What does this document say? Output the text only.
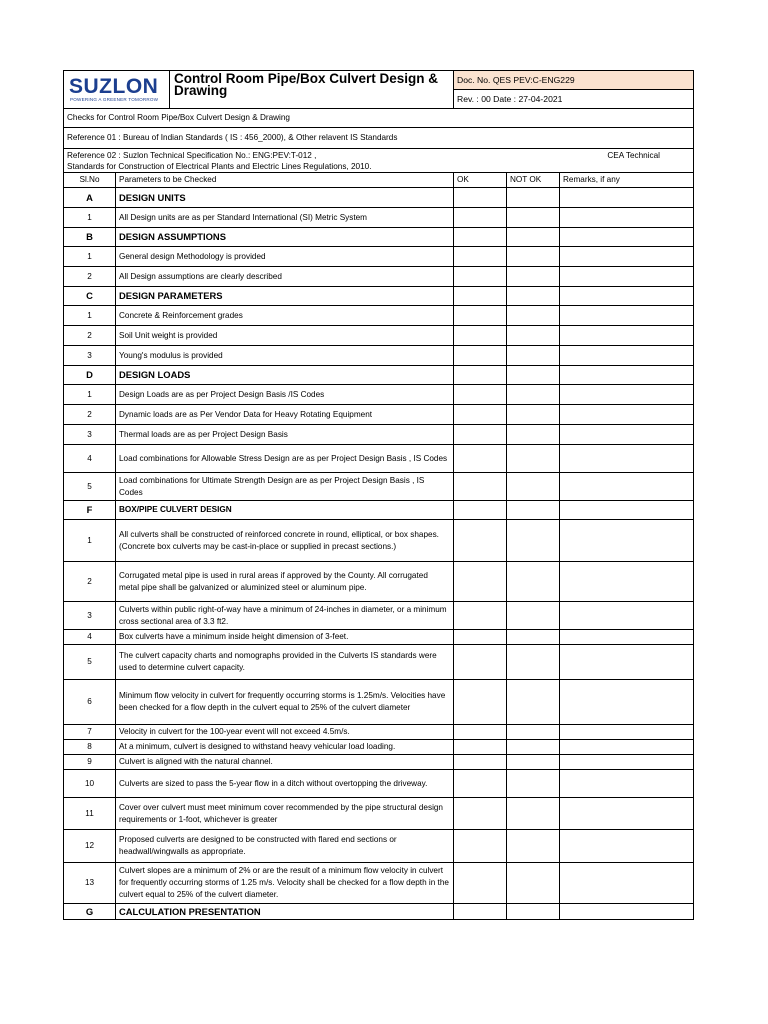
SUZLON
POWERING A GREENER TOMORROW
Control Room Pipe/Box Culvert Design & Drawing		Doc. No. QES PEV:C-ENG229		
		Rev. : 00 Date : 27-04-2021		
Checks for Control Room Pipe/Box Culvert Design & Drawing				
Reference 01 : Bureau of Indian Standards ( IS : 456_2000), & Other relavent IS Standards				

Reference 02 : Suzlon Technical Specification No.: ENG:PEV:T-012 , CEA Technical
Standards for Construction of Electrical Plants and Electric Lines Regulations, 2010.				

Sl.No	Parameters to be Checked	OK	NOT OK	Remarks, if any
A	DESIGN UNITS			
1	All Design units are as per Standard International (SI) Metric System			
B	DESIGN ASSUMPTIONS			
1	General design Methodology is provided			
2	All Design assumptions are clearly described			
C	DESIGN PARAMETERS			
1	Concrete & Reinforcement grades			
2	Soil Unit weight is provided			
3	Young's modulus is provided			
D	DESIGN LOADS			
1	Design Loads are as per Project Design Basis /IS Codes			
2	Dynamic loads are as Per Vendor Data for Heavy Rotating Equipment			
3	Thermal loads are as per Project Design Basis			
4	Load combinations for Allowable Stress Design are as per Project Design Basis , IS Codes			
5	Load combinations for Ultimate Strength Design are as per Project Design Basis , IS Codes			
F	BOX/PIPE CULVERT DESIGN			
1	All culverts shall be constructed of reinforced concrete in round, elliptical, or box shapes. (Concrete box culverts may be cast-in-place or supplied in precast sections.)			
2	Corrugated metal pipe is used in rural areas if approved by the County. All corrugated metal pipe shall be galvanized or aluminized steel or aluminum pipe.			
3	Culverts within public right-of-way have a minimum of 24-inches in diameter, or a minimum cross sectional area of 3.3 ft2.			
4	Box culverts have a minimum inside height dimension of 3-feet.			
5	The culvert capacity charts and nomographs provided in the Culverts IS standards were used to determine culvert capacity.			
6	Minimum flow velocity in culvert for frequently occurring storms is 1.25m/s. Velocities have been checked for a flow depth in the culvert equal to 25% of the culvert diameter			
7	Velocity in culvert for the 100-year event will not exceed 4.5m/s.			
8	At a minimum, culvert is designed to withstand heavy vehicular load loading.			
9	Culvert is aligned with the natural channel.			
10	Culverts are sized to pass the 5-year flow in a ditch without overtopping the driveway.			
11	Cover over culvert must meet minimum cover recommended by the pipe structural design requirements or 1-foot, whichever is greater			
12	Proposed culverts are designed to be constructed with flared end sections or headwall/wingwalls as appropriate.			
13	Culvert slopes are a minimum of 2% or are the result of a minimum flow velocity in culvert for frequently occurring storms of 1.25 m/s. Velocity shall be checked for a flow depth in the culvert equal to 25% of the culvert diameter.			
G	CALCULATION PRESENTATION			
